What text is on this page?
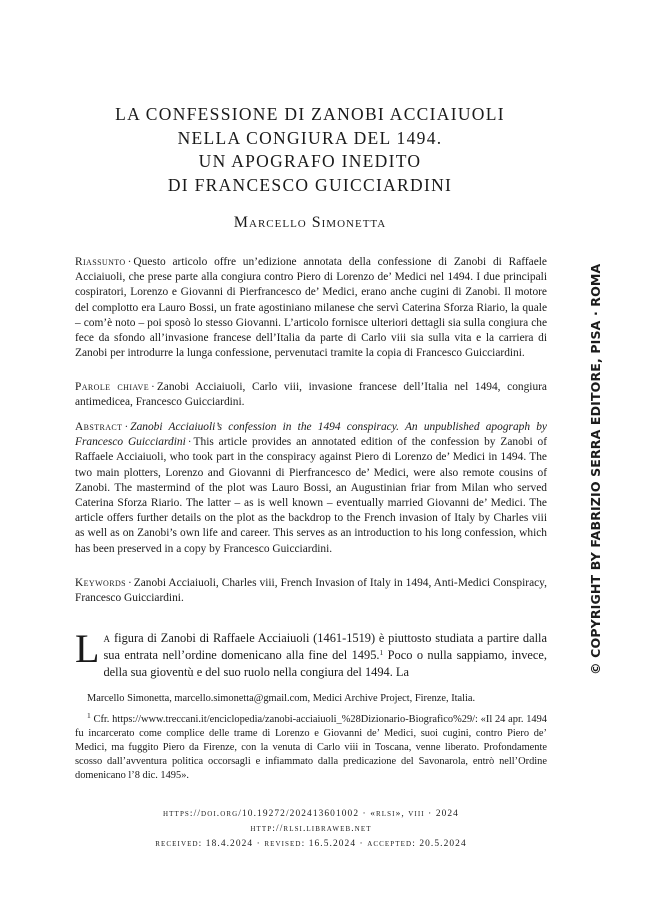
LA CONFESSIONE DI ZANOBI ACCIAIUOLI
NELLA CONGIURA DEL 1494.
UN APOGRAFO INEDITO
DI FRANCESCO GUICCIARDINI
Marcello Simonetta
Riassunto · Questo articolo offre un’edizione annotata della confessione di Zanobi di Raffaele Acciaiuoli, che prese parte alla congiura contro Piero di Lorenzo de’ Medici nel 1494. I due principali cospiratori, Lorenzo e Giovanni di Pierfrancesco de’ Medici, erano anche cugini di Zanobi. Il motore del complotto era Lauro Bossi, un frate agostiniano milanese che servì Caterina Sforza Riario, la quale – com’è noto – poi sposò lo stesso Giovanni. L’articolo fornisce ulteriori dettagli sia sulla congiura che fece da sfondo all’invasione francese dell’Italia da parte di Carlo viii sia sulla vita e la carriera di Zanobi per introdurre la lunga confessione, pervenutaci tramite la copia di Francesco Guicciardini.
Parole chiave · Zanobi Acciaiuoli, Carlo viii, invasione francese dell’Italia nel 1494, congiura antimedicea, Francesco Guicciardini.
Abstract · Zanobi Acciaiuoli’s confession in the 1494 conspiracy. An unpublished apograph by Francesco Guicciardini · This article provides an annotated edition of the confession by Zanobi of Raffaele Acciaiuoli, who took part in the conspiracy against Piero di Lorenzo de’ Medici in 1494. The two main plotters, Lorenzo and Giovanni di Pierfrancesco de’ Medici, were also remote cousins of Zanobi. The mastermind of the plot was Lauro Bossi, an Augustinian friar from Milan who served Caterina Sforza Riario. The latter – as is well known – eventually married Giovanni de’ Medici. The article offers further details on the plot as the backdrop to the French invasion of Italy by Charles viii as well as on Zanobi’s own life and career. This serves as an introduction to his long confession, which has been preserved in a copy by Francesco Guicciardini.
Keywords · Zanobi Acciaiuoli, Charles viii, French Invasion of Italy in 1494, Anti-Medici Conspiracy, Francesco Guicciardini.
La figura di Zanobi di Raffaele Acciaiuoli (1461-1519) è piuttosto studiata a partire dalla sua entrata nell’ordine domenicano alla fine del 1495.$^1$ Poco o nulla sappiamo, invece, della sua gioventù e del suo ruolo nella congiura del 1494. La
Marcello Simonetta, marcello.simonetta@gmail.com, Medici Archive Project, Firenze, Italia.
$^1$ Cfr. https://www.treccani.it/enciclopedia/zanobi-acciaiuoli_%28Dizionario-Biografico%29/: «Il 24 apr. 1494 fu incarcerato come complice delle trame di Lorenzo e Giovanni de’ Medici, suoi cugini, contro Piero de’ Medici, ma fuggito Piero da Firenze, con la venuta di Carlo viii in Toscana, venne liberato. Profondamente scosso dall’avventura politica occorsagli e infiammato dalla predicazione del Savonarola, entrò nell’Ordine domenicano l’8 dic. 1495».
https://doi.org/10.19272/202413601002 · «rlsi», viii · 2024
http://rlsi.libraweb.net
received: 18.4.2024 · revised: 16.5.2024 · accepted: 20.5.2024
© COPYRIGHT BY FABRIZIO SERRA EDITORE, PISA · ROMA
